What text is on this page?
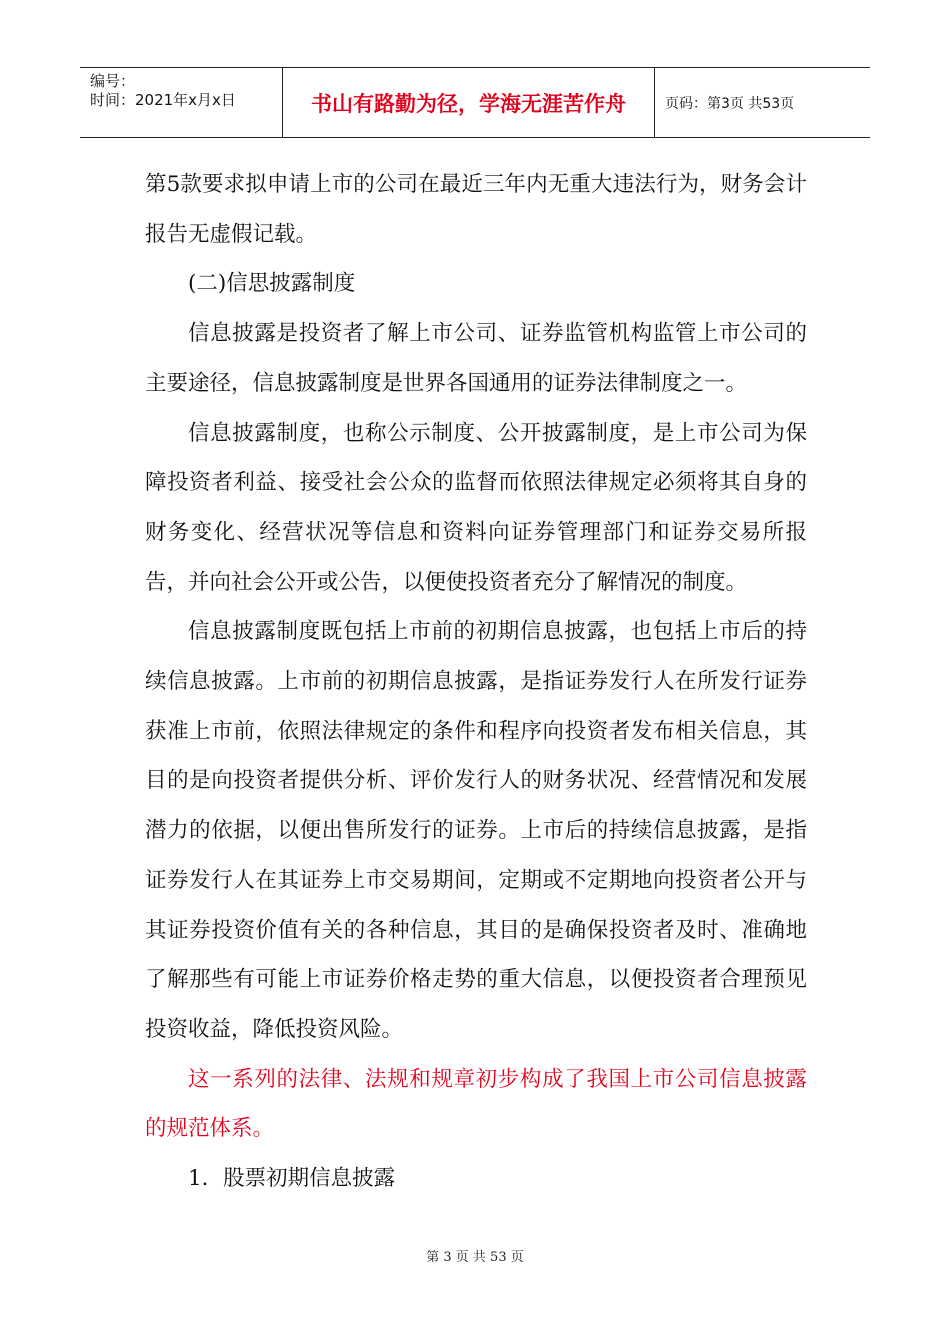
编号：
时间：2021年x月x日	书山有路勤为径，学海无涯苦作舟	页码：第3页 共53页

第5款要求拟申请上市的公司在最近三年内无重大违法行为，财务会计报告无虚假记载。

(二)信思披露制度

信息披露是投资者了解上市公司、证券监管机构监管上市公司的主要途径，信息披露制度是世界各国通用的证券法律制度之一。

信息披露制度，也称公示制度、公开披露制度，是上市公司为保障投资者利益、接受社会公众的监督而依照法律规定必须将其自身的财务变化、经营状况等信息和资料向证券管理部门和证券交易所报告，并向社会公开或公告，以便使投资者充分了解情况的制度。

信息披露制度既包括上市前的初期信息披露，也包括上市后的持续信息披露。上市前的初期信息披露，是指证券发行人在所发行证券获准上市前，依照法律规定的条件和程序向投资者发布相关信息，其目的是向投资者提供分析、评价发行人的财务状况、经营情况和发展潜力的依据，以便出售所发行的证券。上市后的持续信息披露，是指证券发行人在其证券上市交易期间，定期或不定期地向投资者公开与其证券投资价值有关的各种信息，其目的是确保投资者及时、准确地了解那些有可能上市证券价格走势的重大信息，以便投资者合理预见投资收益，降低投资风险。

这一系列的法律、法规和规章初步构成了我国上市公司信息披露的规范体系。

1．股票初期信息披露

第 3 页 共 53 页
